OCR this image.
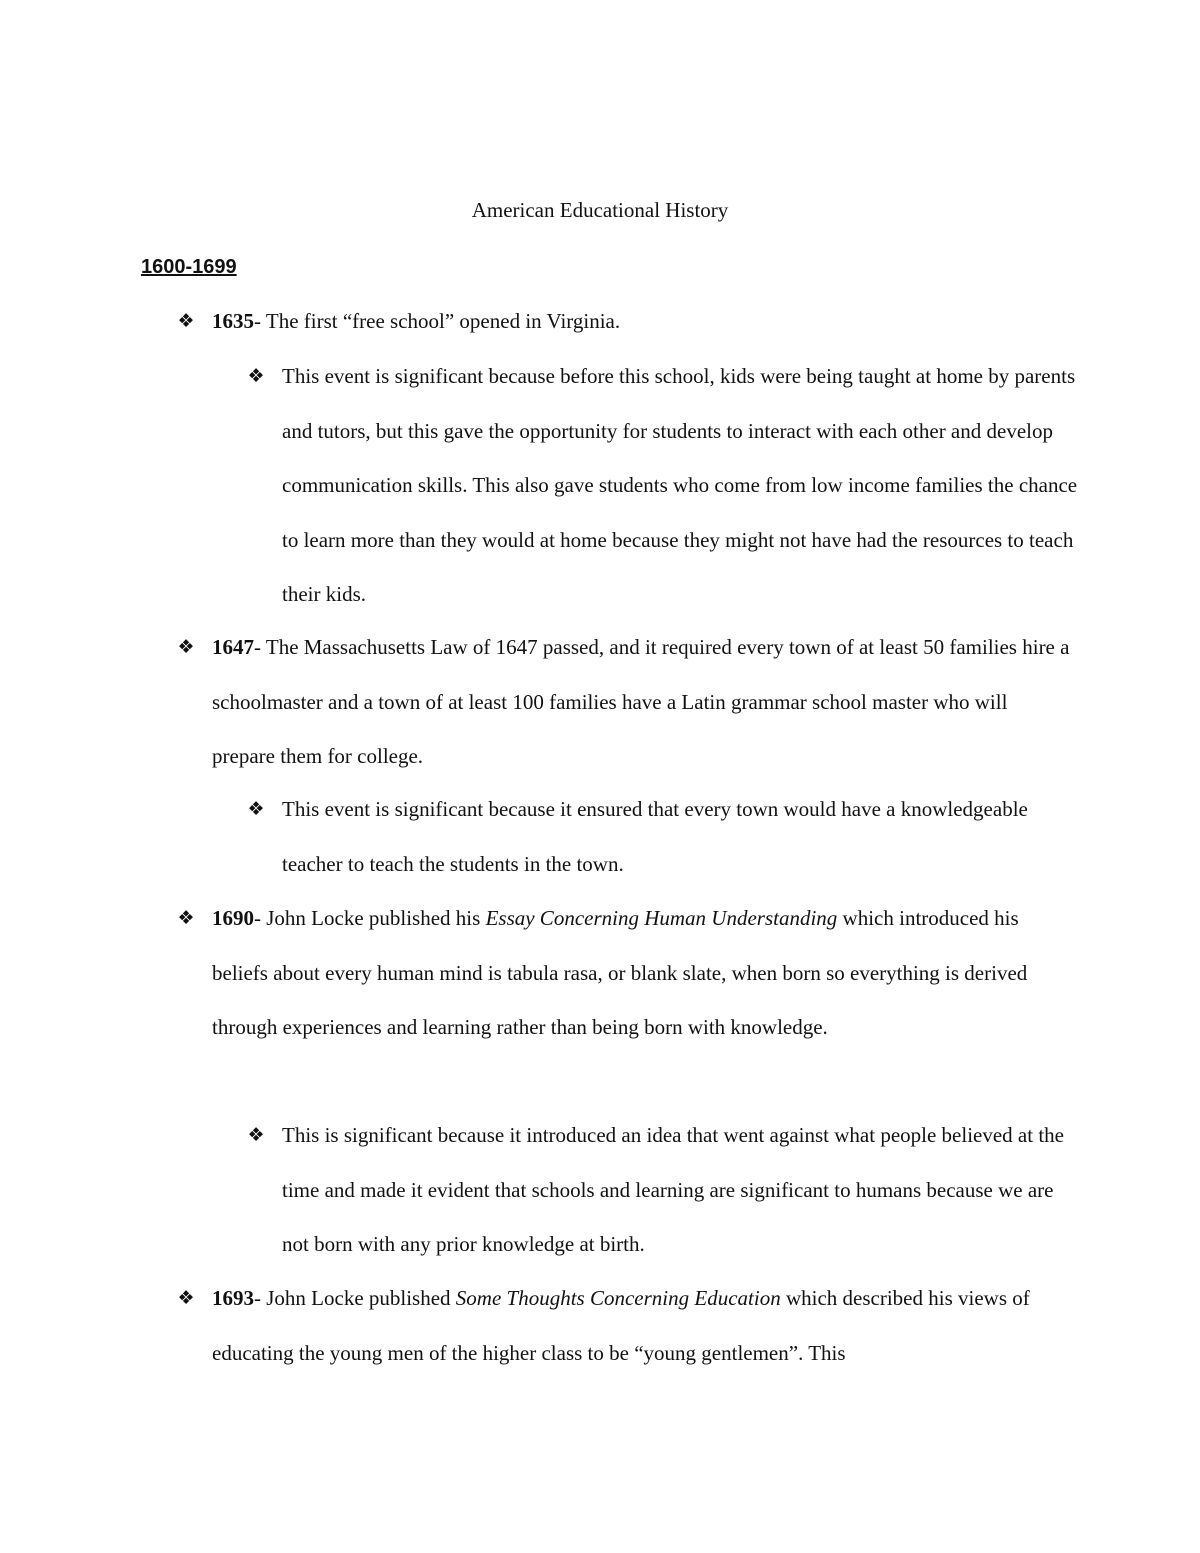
American Educational History
1600-1699
❖ 1635- The first “free school” opened in Virginia.
❖ This event is significant because before this school, kids were being taught at home by parents and tutors, but this gave the opportunity for students to interact with each other and develop communication skills. This also gave students who come from low income families the chance to learn more than they would at home because they might not have had the resources to teach their kids.
❖ 1647- The Massachusetts Law of 1647 passed, and it required every town of at least 50 families hire a schoolmaster and a town of at least 100 families have a Latin grammar school master who will prepare them for college.
❖ This event is significant because it ensured that every town would have a knowledgeable teacher to teach the students in the town.
❖ 1690- John Locke published his Essay Concerning Human Understanding which introduced his beliefs about every human mind is tabula rasa, or blank slate, when born so everything is derived through experiences and learning rather than being born with knowledge.
❖ This is significant because it introduced an idea that went against what people believed at the time and made it evident that schools and learning are significant to humans because we are not born with any prior knowledge at birth.
❖ 1693- John Locke published Some Thoughts Concerning Education which described his views of educating the young men of the higher class to be “young gentlemen”. This
